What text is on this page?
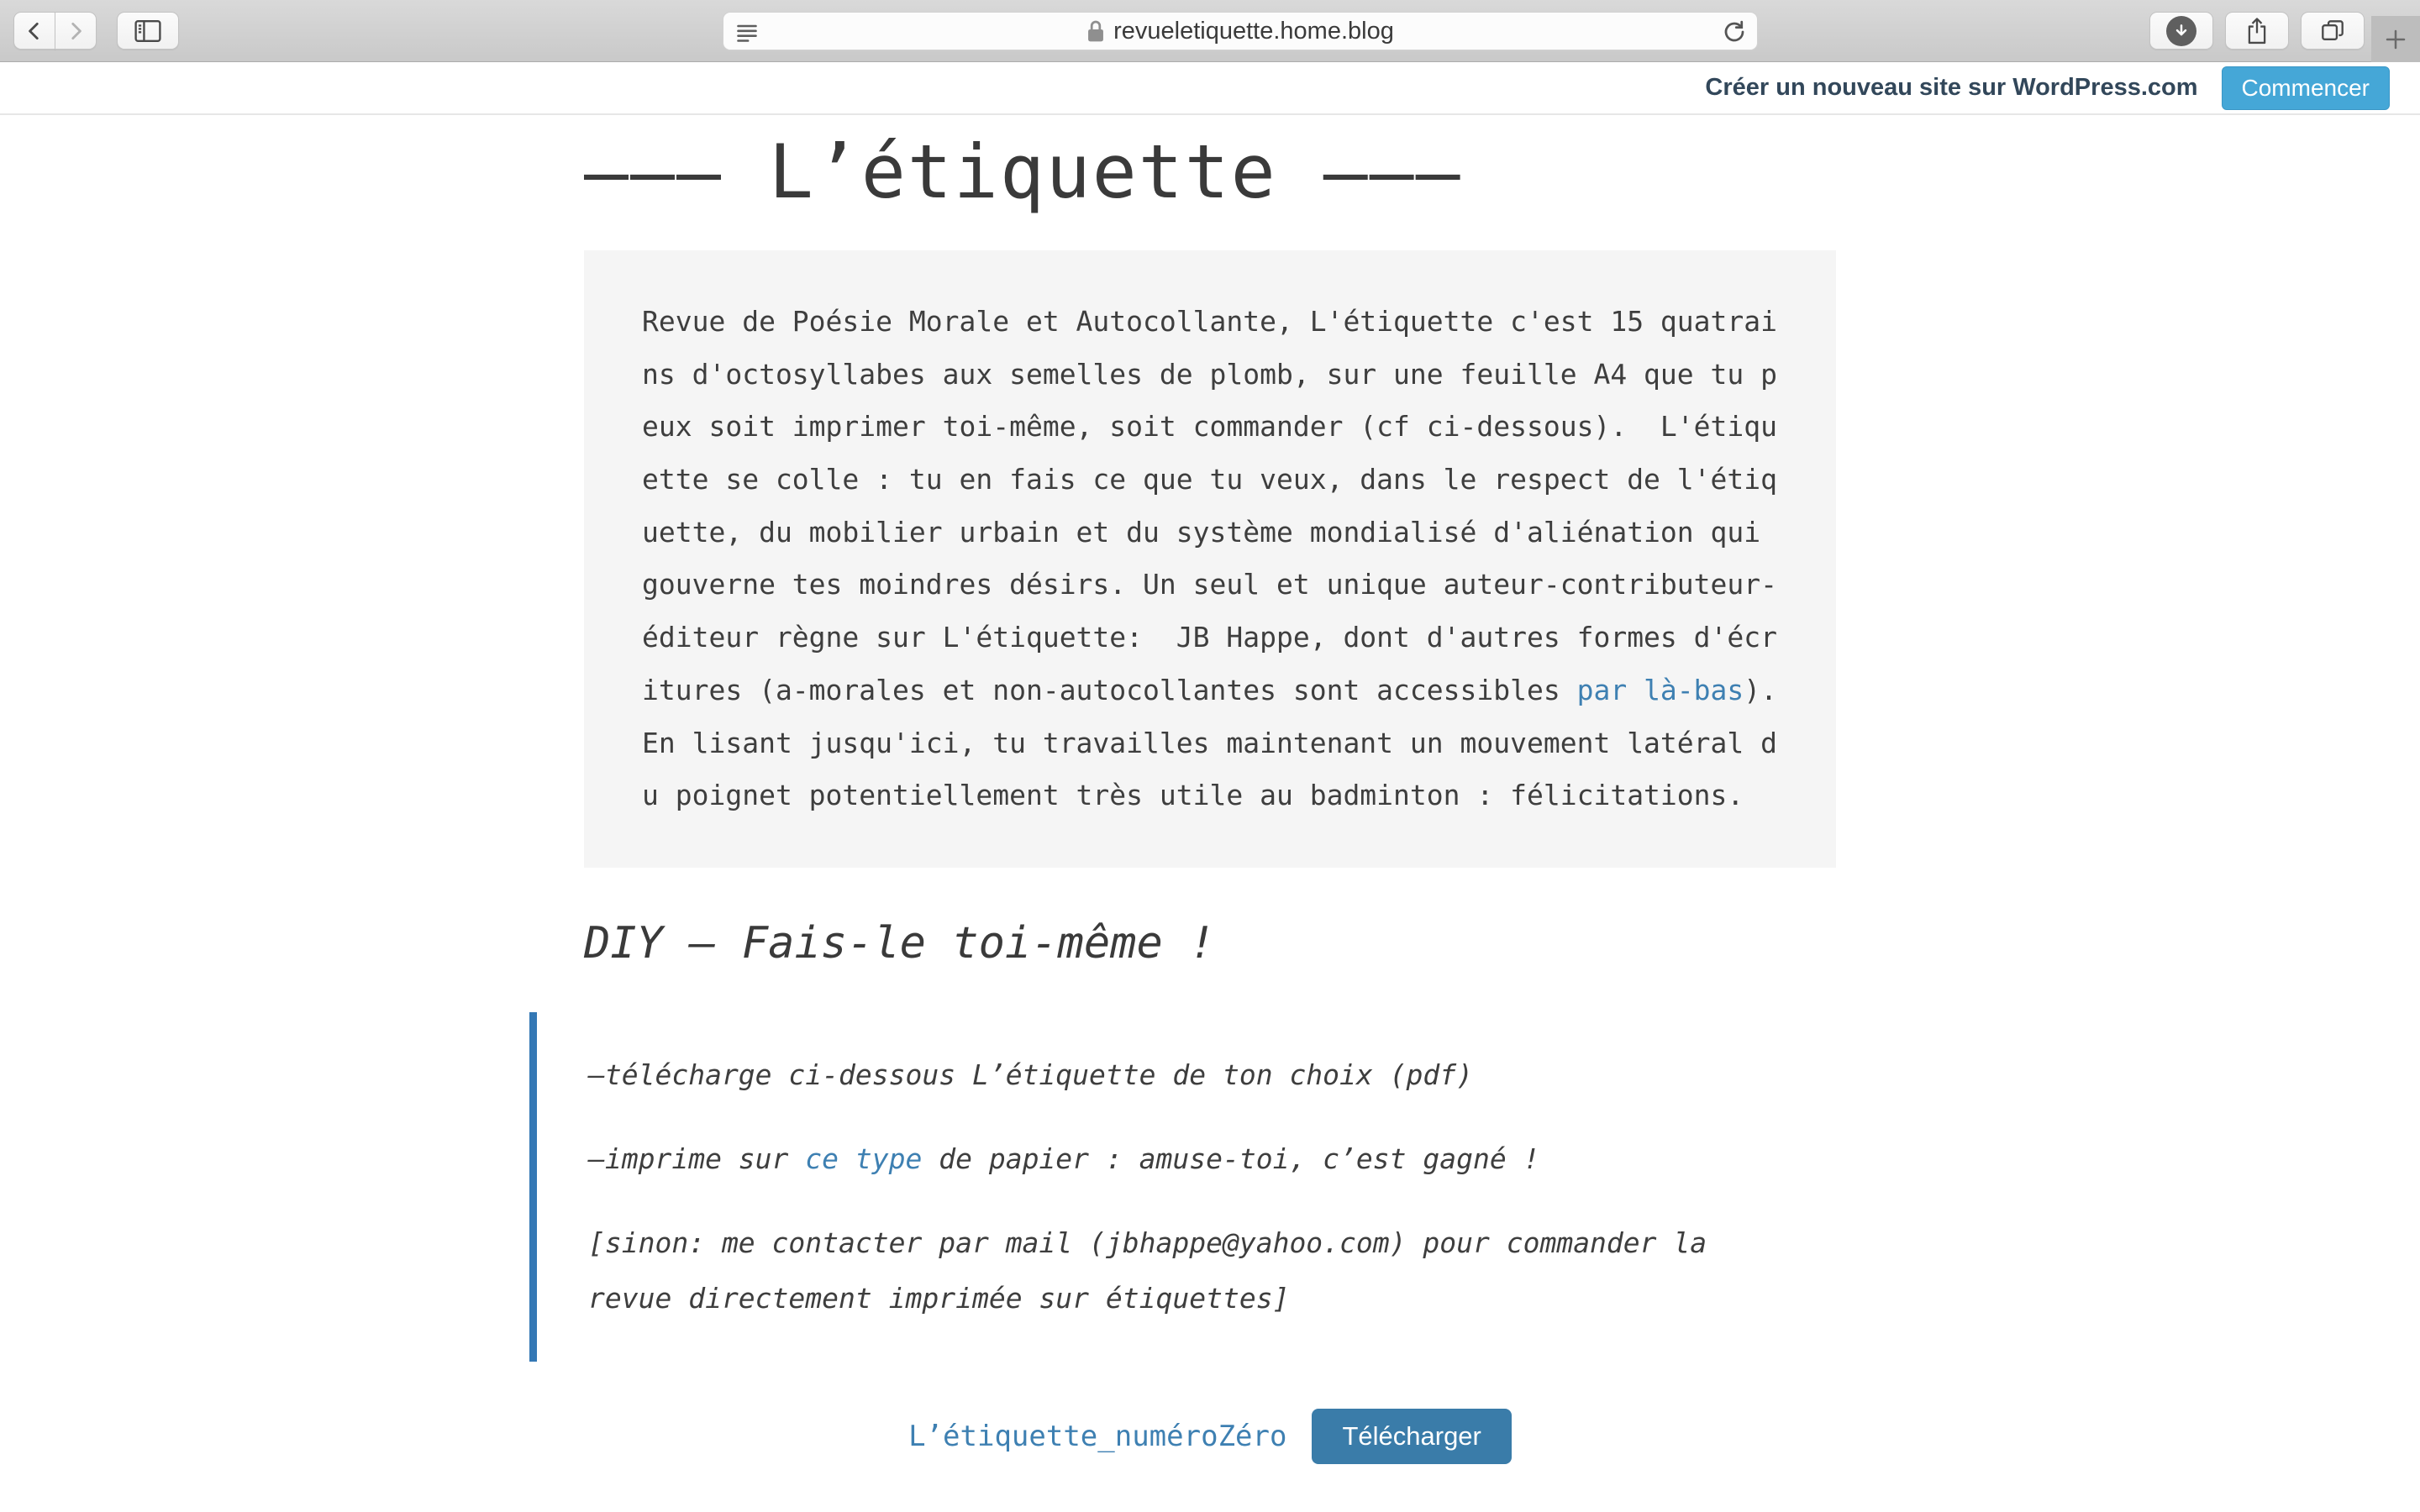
revueletiquette.home.blog
Créer un nouveau site sur WordPress.com	Commencer
——— L’étiquette ———
Revue de Poésie Morale et Autocollante, L'étiquette c'est 15 quatrains d'octosyllabes aux semelles de plomb, sur une feuille A4 que tu peux soit imprimer toi-même, soit commander (cf ci-dessous).  L'étiquette se colle : tu en fais ce que tu veux, dans le respect de l'étiquette, du mobilier urbain et du système mondialisé d'aliénation qui gouverne tes moindres désirs. Un seul et unique auteur-contributeur-éditeur règne sur L'étiquette:  JB Happe, dont d'autres formes d'écritures (a-morales et non-autocollantes sont accessibles par là-bas).  En lisant jusqu'ici, tu travailles maintenant un mouvement latéral du poignet potentiellement très utile au badminton : félicitations.
DIY – Fais-le toi-même !

–télécharge ci-dessous L’étiquette de ton choix (pdf)

–imprime sur ce type de papier : amuse-toi, c’est gagné !

[sinon: me contacter par mail (jbhappe@yahoo.com) pour commander la revue directement imprimée sur étiquettes]

L’étiquette_numéroZéro	Télécharger
